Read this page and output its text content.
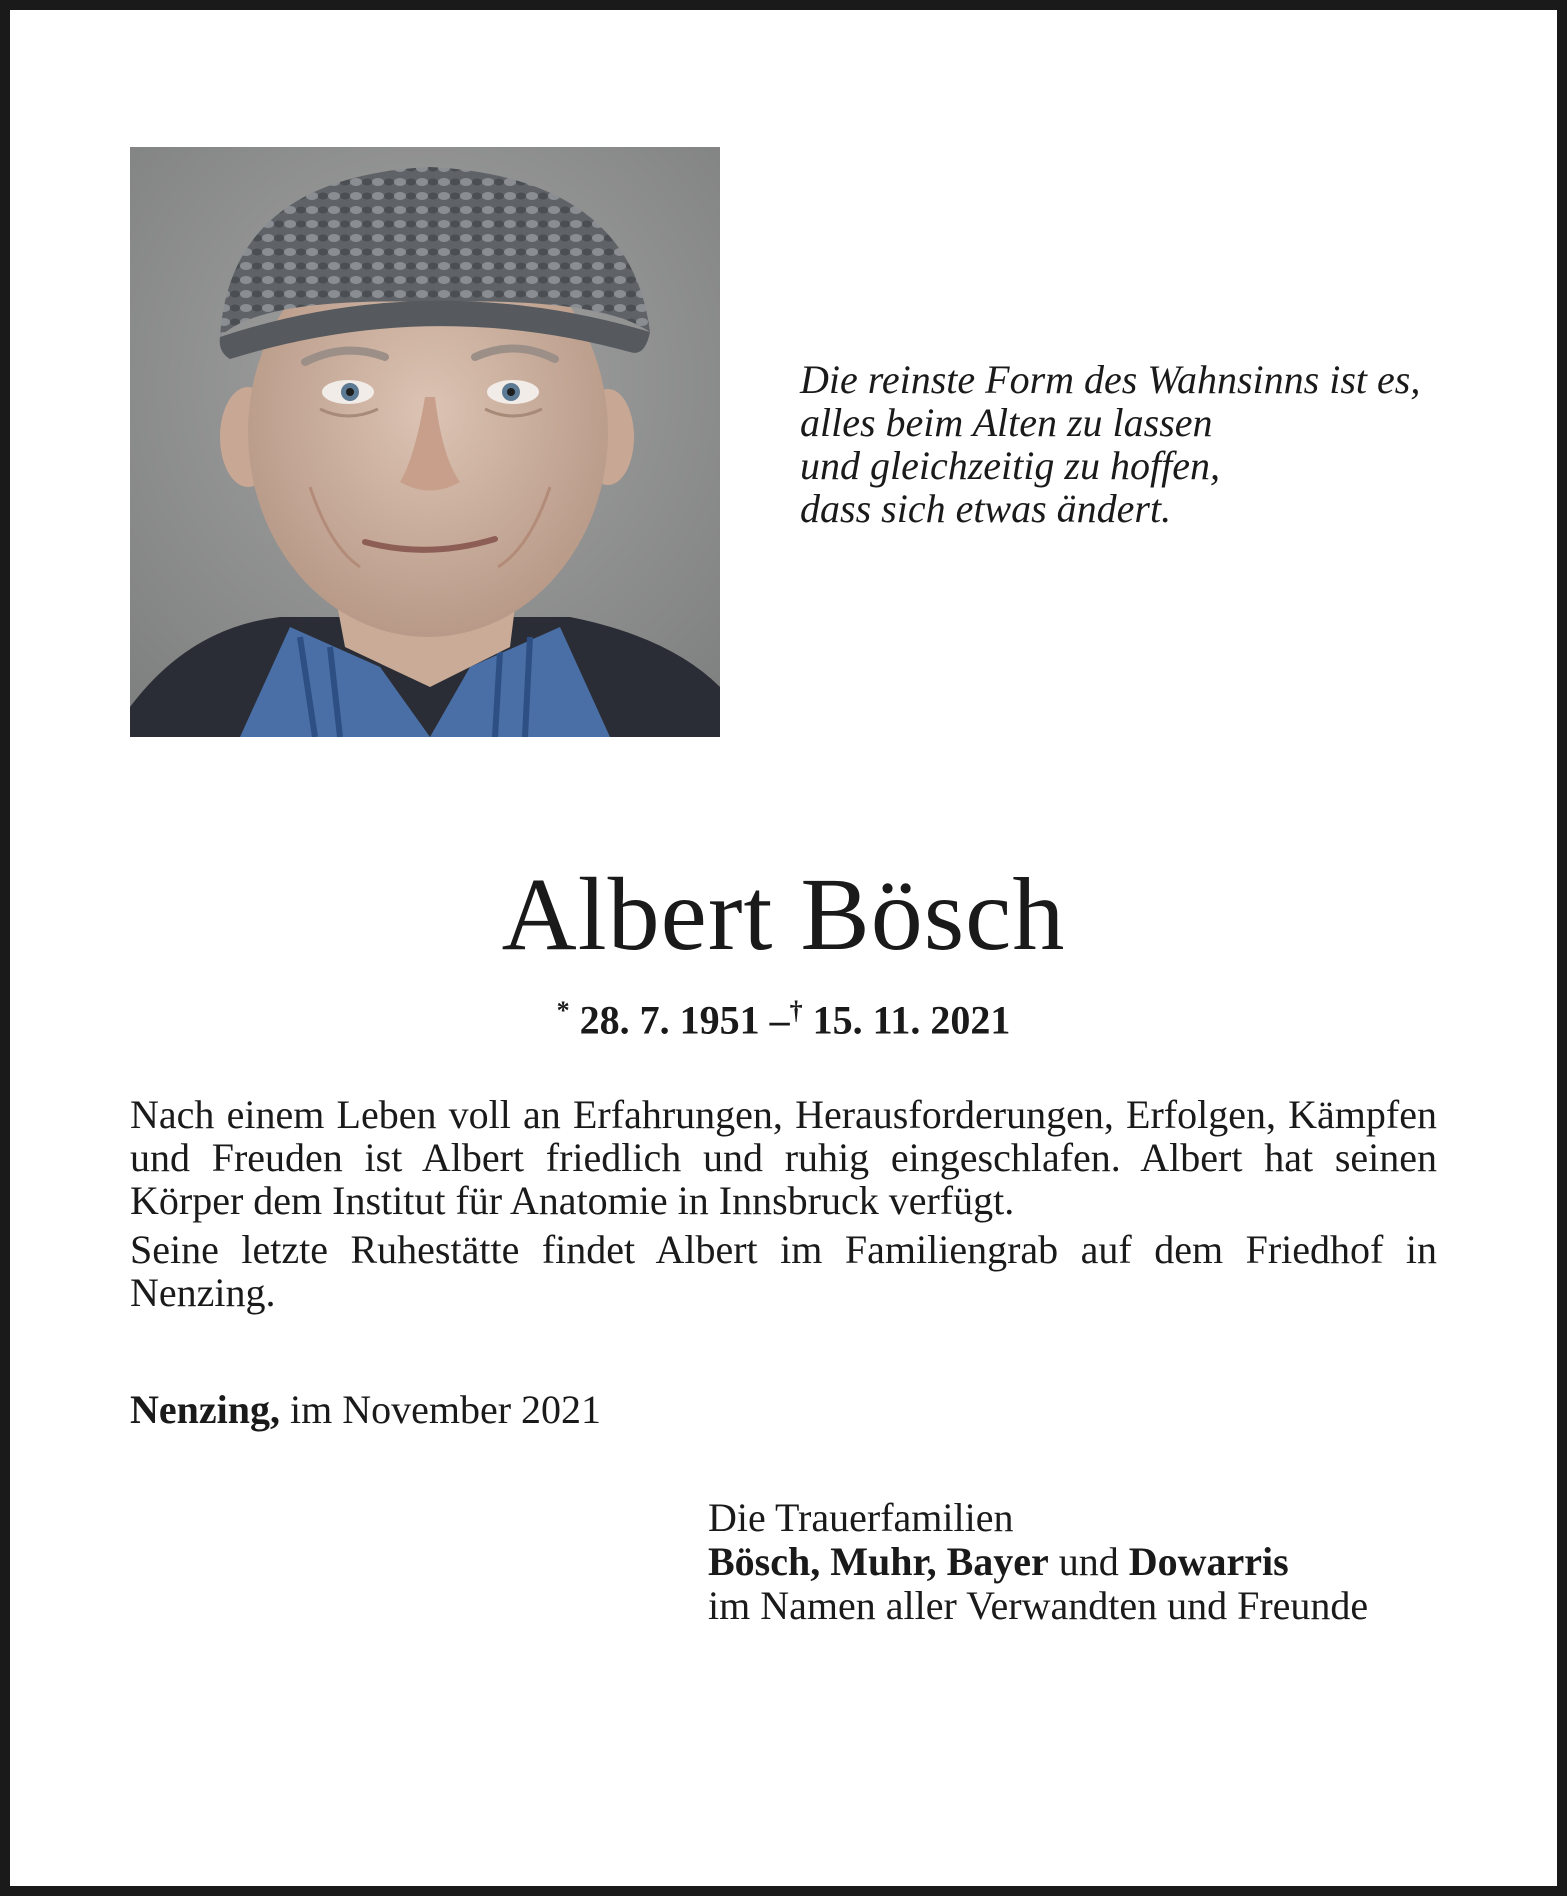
Die reinste Form des Wahnsinns ist es,
alles beim Alten zu lassen
und gleichzeitig zu hoffen,
dass sich etwas ändert.
Albert Bösch
* 28. 7. 1951 –† 15. 11. 2021

Nach einem Leben voll an Erfahrungen, Herausforderungen, Erfolgen, Kämpfen und Freuden ist Albert friedlich und ruhig eingeschlafen. Albert hat seinen Körper dem Institut für Anatomie in Innsbruck verfügt.

Seine letzte Ruhestätte findet Albert im Familiengrab auf dem Friedhof in Nenzing.

Nenzing, im November 2021
Die Trauerfamilien
Bösch, Muhr, Bayer und Dowarris
im Namen aller Verwandten und Freunde
